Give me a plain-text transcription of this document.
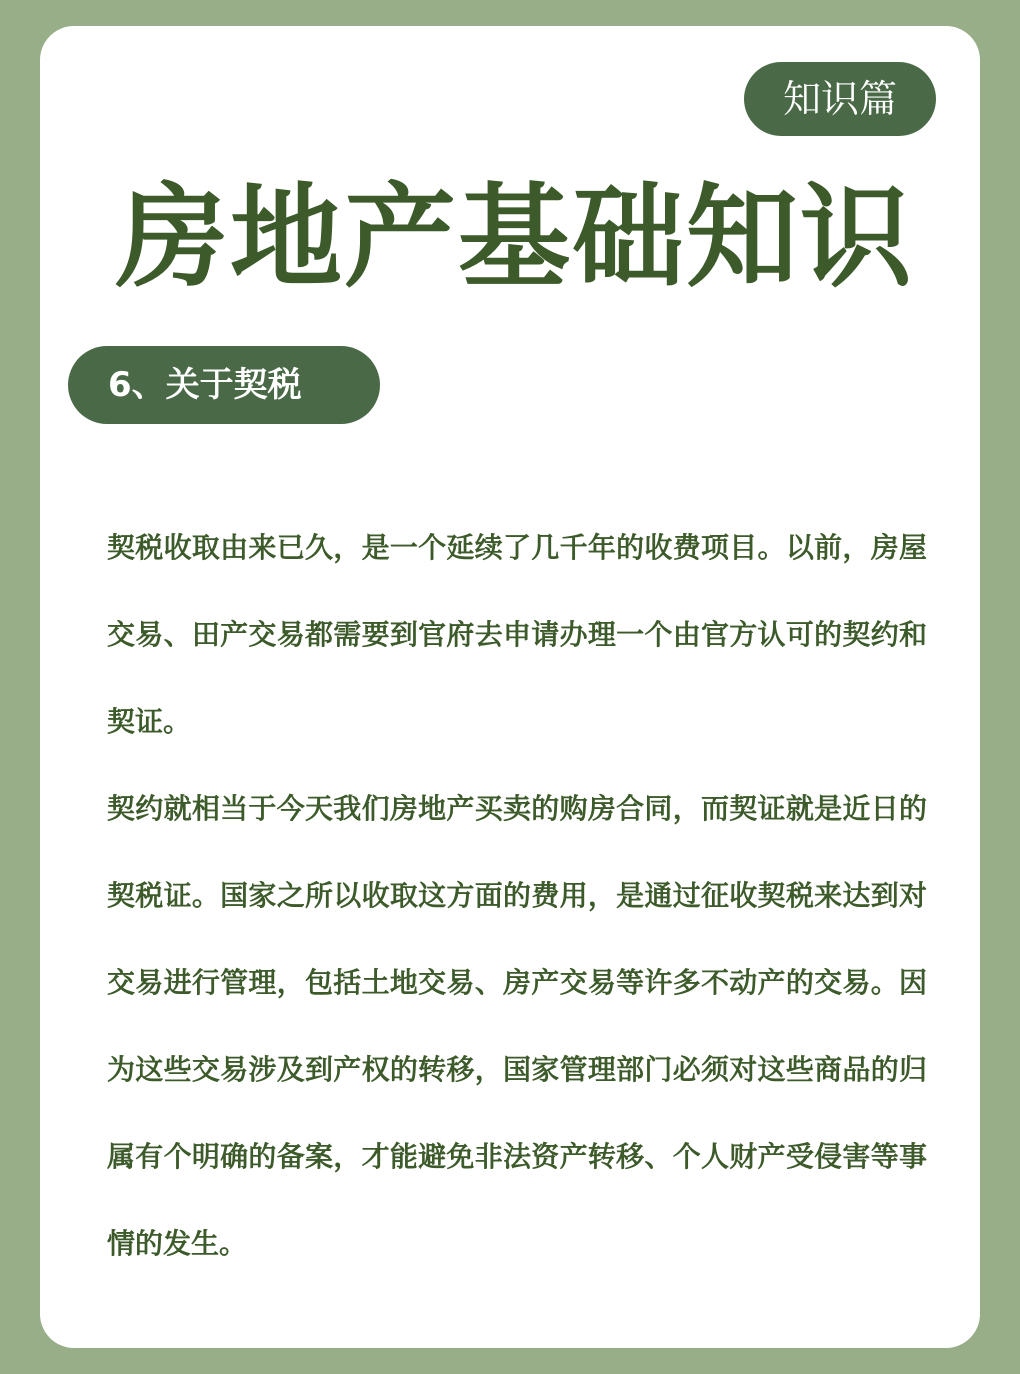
知识篇
房地产基础知识
6、关于契税

契税收取由来已久，是一个延续了几千年的收费项目。以前，房屋交易、田产交易都需要到官府去申请办理一个由官方认可的契约和契证。

契约就相当于今天我们房地产买卖的购房合同，而契证就是近日的契税证。国家之所以收取这方面的费用，是通过征收契税来达到对交易进行管理，包括土地交易、房产交易等许多不动产的交易。因为这些交易涉及到产权的转移，国家管理部门必须对这些商品的归属有个明确的备案，才能避免非法资产转移、个人财产受侵害等事情的发生。
